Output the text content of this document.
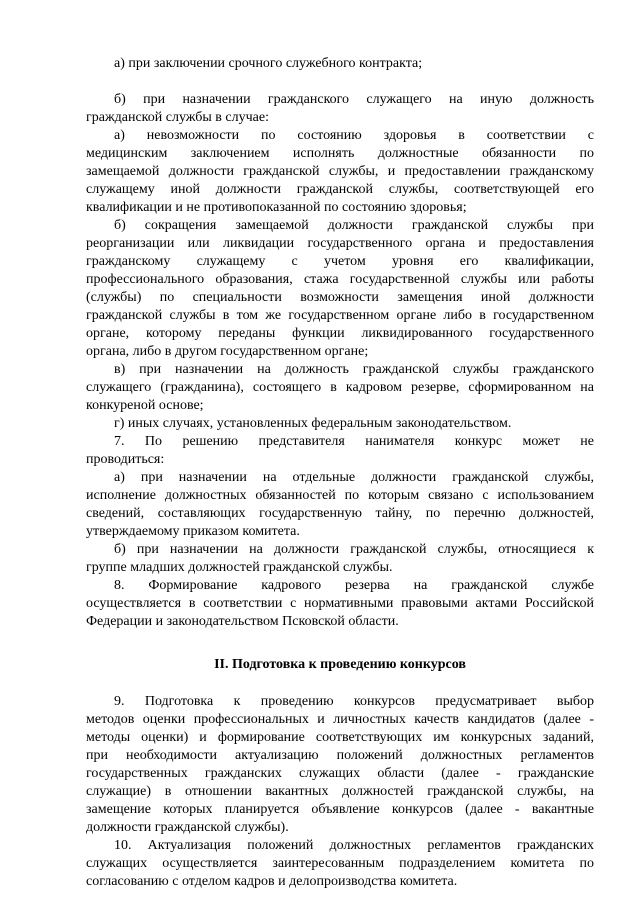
а) при заключении срочного служебного контракта;
б) при назначении гражданского служащего на иную должность
гражданской службы в случае:
а) невозможности по состоянию здоровья в соответствии с
медицинским заключением исполнять должностные обязанности по
замещаемой должности гражданской службы, и предоставлении гражданскому
служащему иной должности гражданской службы, соответствующей его
квалификации и не противопоказанной по состоянию здоровья;
б) сокращения замещаемой должности гражданской службы при
реорганизации или ликвидации государственного органа и предоставления
гражданскому служащему с учетом уровня его квалификации,
профессионального образования, стажа государственной службы или работы
(службы) по специальности возможности замещения иной должности
гражданской службы в том же государственном органе либо в государственном
органе, которому переданы функции ликвидированного государственного
органа, либо в другом государственном органе;
в) при назначении на должность гражданской службы гражданского
служащего (гражданина), состоящего в кадровом резерве, сформированном на
конкуреной основе;
г) иных случаях, установленных федеральным законодательством.
7. По решению представителя нанимателя конкурс может не
проводиться:
а) при назначении на отдельные должности гражданской службы,
исполнение должностных обязанностей по которым связано с использованием
сведений, составляющих государственную тайну, по перечню должностей,
утверждаемому приказом комитета.
б) при назначении на должности гражданской службы, относящиеся к
группе младших должностей гражданской службы.
8. Формирование кадрового резерва на гражданской службе
осуществляется в соответствии с нормативными правовыми актами Российской
Федерации и законодательством Псковской области.
II. Подготовка к проведению конкурсов
9. Подготовка к проведению конкурсов предусматривает выбор
методов оценки профессиональных и личностных качеств кандидатов (далее -
методы оценки) и формирование соответствующих им конкурсных заданий,
при необходимости актуализацию положений должностных регламентов
государственных гражданских служащих области (далее - гражданские
служащие) в отношении вакантных должностей гражданской службы, на
замещение которых планируется объявление конкурсов (далее - вакантные
должности гражданской службы).
10. Актуализация положений должностных регламентов гражданских
служащих осуществляется заинтересованным подразделением комитета по
согласованию с отделом кадров и делопроизводства комитета.
